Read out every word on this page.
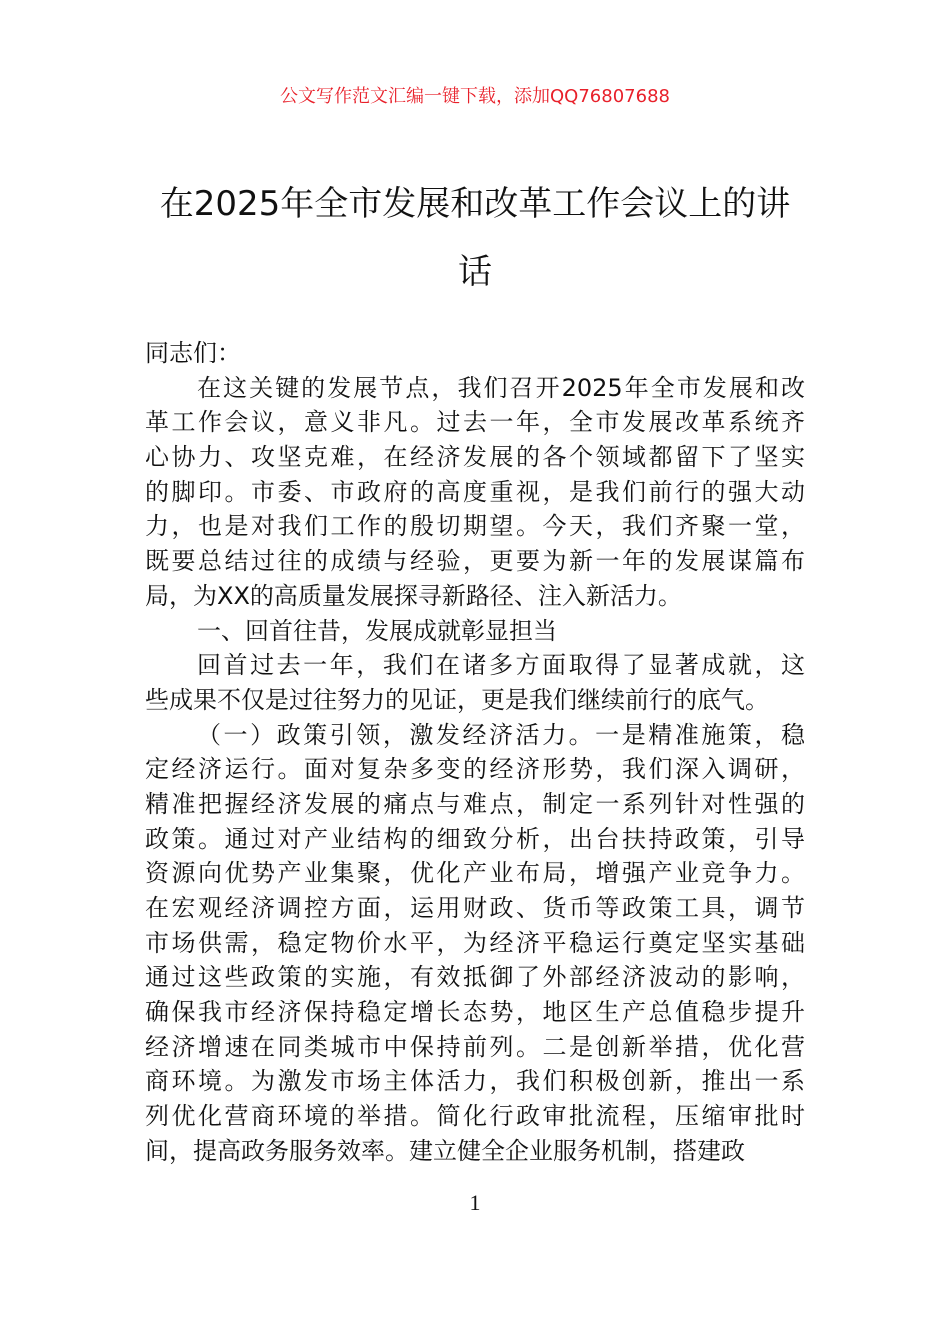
公文写作范文汇编一键下载，添加QQ76807688
在2025年全市发展和改革工作会议上的讲
话
同志们：
在这关键的发展节点，我们召开2025年全市发展和改
革工作会议，意义非凡。过去一年，全市发展改革系统齐
心协力、攻坚克难，在经济发展的各个领域都留下了坚实
的脚印。市委、市政府的高度重视，是我们前行的强大动
力，也是对我们工作的殷切期望。今天，我们齐聚一堂，
既要总结过往的成绩与经验，更要为新一年的发展谋篇布
局，为XX的高质量发展探寻新路径、注入新活力。
一、回首往昔，发展成就彰显担当
回首过去一年，我们在诸多方面取得了显著成就，这
些成果不仅是过往努力的见证，更是我们继续前行的底气。
（一）政策引领，激发经济活力。一是精准施策，稳
定经济运行。面对复杂多变的经济形势，我们深入调研，
精准把握经济发展的痛点与难点，制定一系列针对性强的
政策。通过对产业结构的细致分析，出台扶持政策，引导
资源向优势产业集聚，优化产业布局，增强产业竞争力。
在宏观经济调控方面，运用财政、货币等政策工具，调节
市场供需，稳定物价水平，为经济平稳运行奠定坚实基础
通过这些政策的实施，有效抵御了外部经济波动的影响，
确保我市经济保持稳定增长态势，地区生产总值稳步提升
经济增速在同类城市中保持前列。二是创新举措，优化营
商环境。为激发市场主体活力，我们积极创新，推出一系
列优化营商环境的举措。简化行政审批流程，压缩审批时
间，提高政务服务效率。建立健全企业服务机制，搭建政
1
